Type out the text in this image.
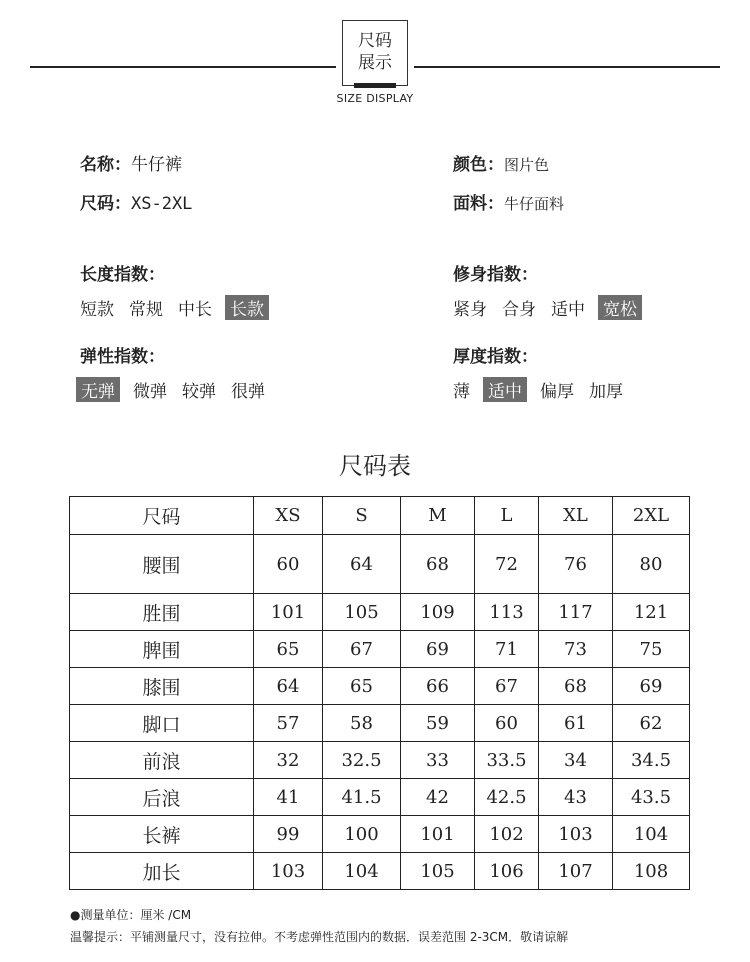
尺码
展示
SIZE DISPLAY
名称：牛仔裤	颜色：图片色
尺码：XS-2XL	面料：牛仔面料
长度指数：
短款 常规 中长 长款
修身指数：
紧身 合身 适中 宽松
弹性指数：
无弹 微弹 较弹 很弹
厚度指数：
薄 适中 偏厚 加厚
尺码表
尺码	XS	S	M	L	XL	2XL
腰围	60	64	68	72	76	80
胜围	101	105	109	113	117	121
脾围	65	67	69	71	73	75
膝围	64	65	66	67	68	69
脚口	57	58	59	60	61	62
前浪	32	32.5	33	33.5	34	34.5
后浪	41	41.5	42	42.5	43	43.5
长裤	99	100	101	102	103	104
加长	103	104	105	106	107	108
●测量单位：厘米 /CM
温馨提示：平铺测量尺寸，没有拉伸。不考虑弹性范围内的数据．误差范围 2-3CM．敬请谅解
